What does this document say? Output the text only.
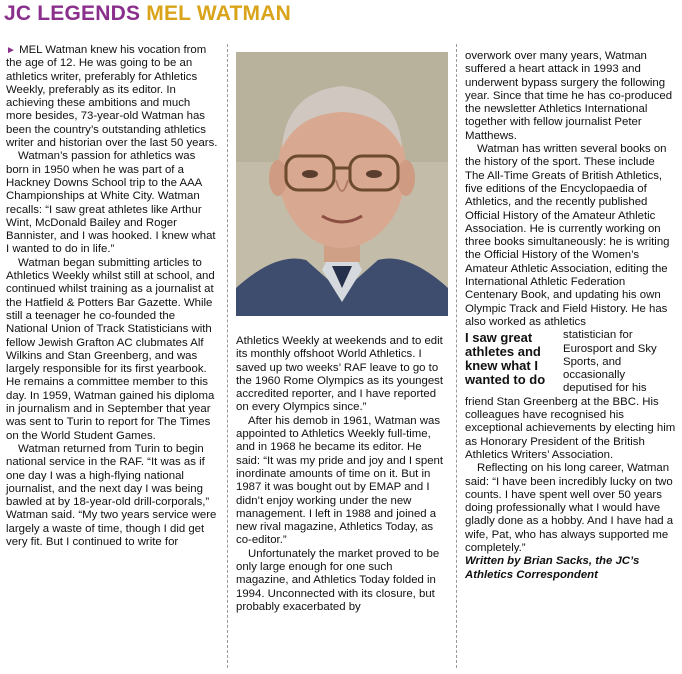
JC LEGENDS MEL WATMAN

► MEL Watman knew his vocation from the age of 12. He was going to be an athletics writer, preferably for Athletics Weekly, preferably as its editor. In achieving these ambitions and much more besides, 73-year-old Watman has been the country’s outstanding athletics writer and historian over the last 50 years.

Watman’s passion for athletics was born in 1950 when he was part of a Hackney Downs School trip to the AAA Championships at White City. Watman recalls: “I saw great athletes like Arthur Wint, McDonald Bailey and Roger Bannister, and I was hooked. I knew what I wanted to do in life.”

Watman began submitting articles to Athletics Weekly whilst still at school, and continued whilst training as a journalist at the Hatfield & Potters Bar Gazette. While still a teenager he co-founded the National Union of Track Statisticians with fellow Jewish Grafton AC clubmates Alf Wilkins and Stan Greenberg, and was largely responsible for its first yearbook. He remains a committee member to this day. In 1959, Watman gained his diploma in journalism and in September that year was sent to Turin to report for The Times on the World Student Games.

Watman returned from Turin to begin national service in the RAF. “It was as if one day I was a high-flying national journalist, and the next day I was being bawled at by 18-year-old drill-corporals,” Watman said. “My two years service were largely a waste of time, though I did get very fit. But I continued to write for

Athletics Weekly at weekends and to edit its monthly offshoot World Athletics. I saved up two weeks’ RAF leave to go to the 1960 Rome Olympics as its youngest accredited reporter, and I have reported on every Olympics since.”

After his demob in 1961, Watman was appointed to Athletics Weekly full-time, and in 1968 he became its editor. He said: “It was my pride and joy and I spent inordinate amounts of time on it. But in 1987 it was bought out by EMAP and I didn’t enjoy working under the new management. I left in 1988 and joined a new rival magazine, Athletics Today, as co-editor.”

Unfortunately the market proved to be only large enough for one such magazine, and Athletics Today folded in 1994. Unconnected with its closure, but probably exacerbated by

overwork over many years, Watman suffered a heart attack in 1993 and underwent bypass surgery the following year. Since that time he has co-produced the newsletter Athletics International together with fellow journalist Peter Matthews.

Watman has written several books on the history of the sport. These include The All-Time Greats of British Athletics, five editions of the Encyclopaedia of Athletics, and the recently published Official History of the Amateur Athletic Association. He is currently working on three books simultaneously: he is writing the Official History of the Women’s Amateur Athletic Association, editing the International Athletic Federation Centenary Book, and updating his own Olympic Track and Field History. He has also worked as athletics

I saw great athletes and knew what I wanted to do
statistician for Eurosport and Sky Sports, and occasionally deputised for his friend Stan Greenberg at the BBC. His colleagues have recognised his exceptional achievements by electing him as Honorary President of the British Athletics Writers’ Association.

Reflecting on his long career, Watman said: “I have been incredibly lucky on two counts. I have spent well over 50 years doing professionally what I would have gladly done as a hobby. And I have had a wife, Pat, who has always supported me completely.”

Written by Brian Sacks, the JC’s Athletics Correspondent
